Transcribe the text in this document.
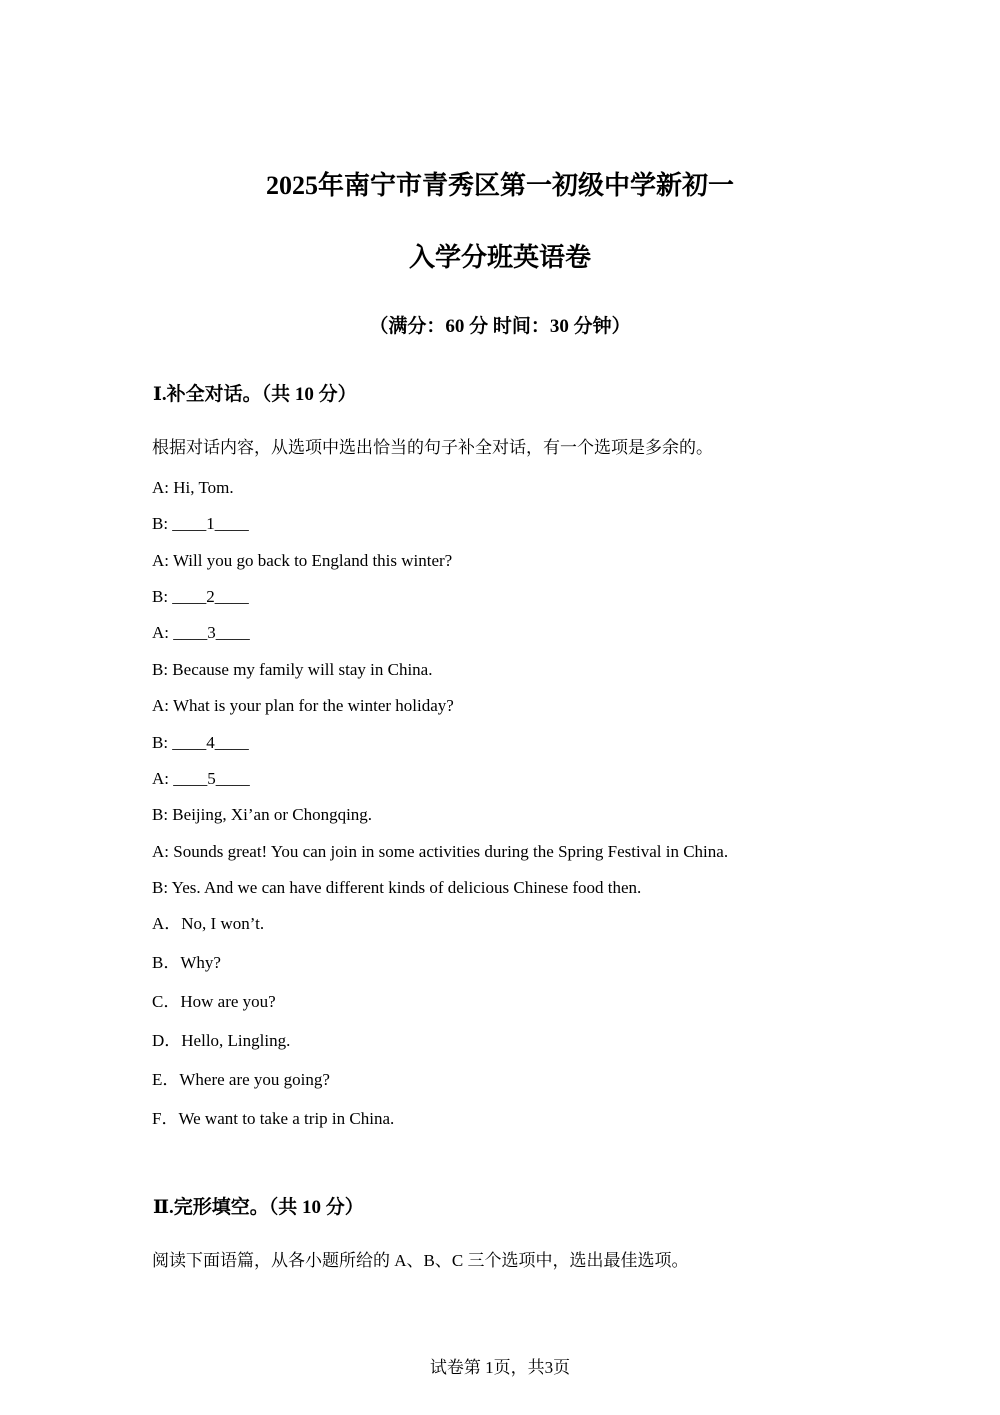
2025年南宁市青秀区第一初级中学新初一
入学分班英语卷
（满分：60 分 时间：30 分钟）
Ⅰ.补全对话。（共 10 分）
根据对话内容，从选项中选出恰当的句子补全对话，有一个选项是多余的。
A: Hi, Tom.
B: ____1____
A: Will you go back to England this winter?
B: ____2____
A: ____3____
B: Because my family will stay in China.
A: What is your plan for the winter holiday?
B: ____4____
A: ____5____
B: Beijing, Xi’an or Chongqing.
A: Sounds great! You can join in some activities during the Spring Festival in China.
B: Yes. And we can have different kinds of delicious Chinese food then.
A．No, I won’t.
B．Why?
C．How are you?
D．Hello, Lingling.
E．Where are you going?
F．We want to take a trip in China.
Ⅱ.完形填空。（共 10 分）
阅读下面语篇，从各小题所给的 A、B、C 三个选项中，选出最佳选项。
试卷第 1页，共3页
